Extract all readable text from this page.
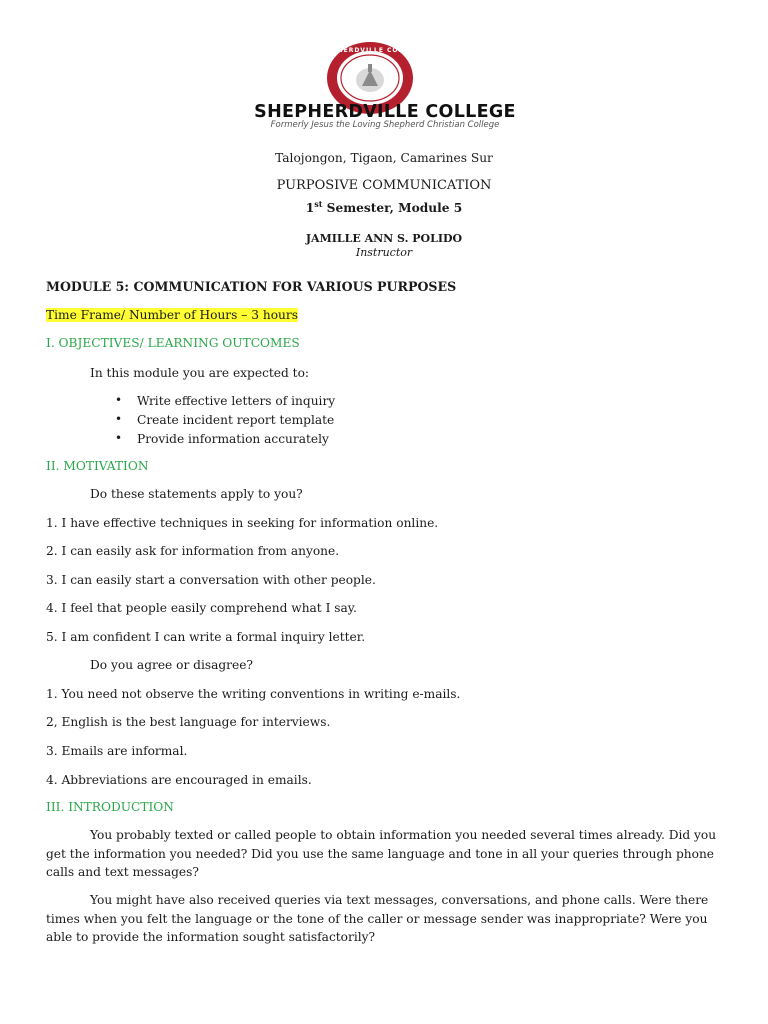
SHEPHERDVILLE COLLEGE
SHEPHERDVILLE COLLEGE
Formerly Jesus the Loving Shepherd Christian College
Talojongon, Tigaon, Camarines Sur
PURPOSIVE COMMUNICATION
1st Semester, Module 5
JAMILLE ANN S. POLIDO
Instructor
MODULE 5: COMMUNICATION FOR VARIOUS PURPOSES
Time Frame/ Number of Hours – 3 hours
I. OBJECTIVES/ LEARNING OUTCOMES
In this module you are expected to:
• Write effective letters of inquiry
• Create incident report template
• Provide information accurately
II. MOTIVATION
Do these statements apply to you?
1. I have effective techniques in seeking for information online.
2. I can easily ask for information from anyone.
3. I can easily start a conversation with other people.
4. I feel that people easily comprehend what I say.
5. I am confident I can write a formal inquiry letter.
Do you agree or disagree?
1. You need not observe the writing conventions in writing e-mails.
2, English is the best language for interviews.
3. Emails are informal.
4. Abbreviations are encouraged in emails.
III. INTRODUCTION
You probably texted or called people to obtain information you needed several times already. Did you get the information you needed? Did you use the same language and tone in all your queries through phone calls and text messages?
You might have also received queries via text messages, conversations, and phone calls. Were there times when you felt the language or the tone of the caller or message sender was inappropriate? Were you able to provide the information sought satisfactorily?
